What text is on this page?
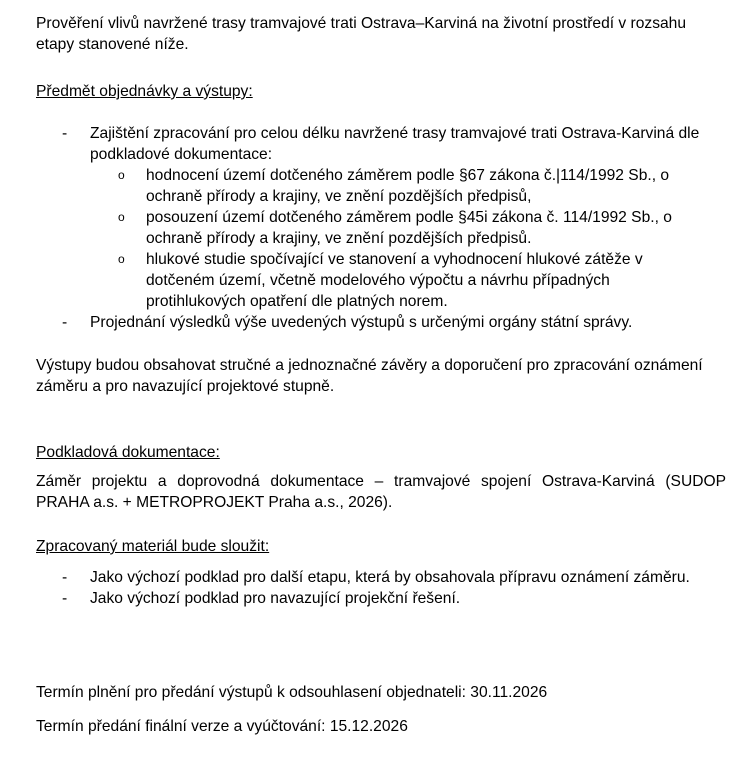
Prověření vlivů navržené trasy tramvajové trati Ostrava–Karviná na životní prostředí v rozsahu etapy stanovené níže.

Předmět objednávky a výstupy:

- Zajištění zpracování pro celou délku navržené trasy tramvajové trati Ostrava-Karviná dle podkladové dokumentace:
o hodnocení území dotčeného záměrem podle §67 zákona č.|114/1992 Sb., o ochraně přírody a krajiny, ve znění pozdějších předpisů,
o posouzení území dotčeného záměrem podle §45i zákona č. 114/1992 Sb., o ochraně přírody a krajiny, ve znění pozdějších předpisů.
o hlukové studie spočívající ve stanovení a vyhodnocení hlukové zátěže v dotčeném území, včetně modelového výpočtu a návrhu případných protihlukových opatření dle platných norem.
- Projednání výsledků výše uvedených výstupů s určenými orgány státní správy.

Výstupy budou obsahovat stručné a jednoznačné závěry a doporučení pro zpracování oznámení záměru a pro navazující projektové stupně.

Podkladová dokumentace:

Záměr projektu a doprovodná dokumentace – tramvajové spojení Ostrava-Karviná (SUDOP PRAHA a.s. + METROPROJEKT Praha a.s., 2026).

Zpracovaný materiál bude sloužit:

- Jako výchozí podklad pro další etapu, která by obsahovala přípravu oznámení záměru.
- Jako výchozí podklad pro navazující projekční řešení.

Termín plnění pro předání výstupů k odsouhlasení objednateli: 30.11.2026

Termín předání finální verze a vyúčtování: 15.12.2026
